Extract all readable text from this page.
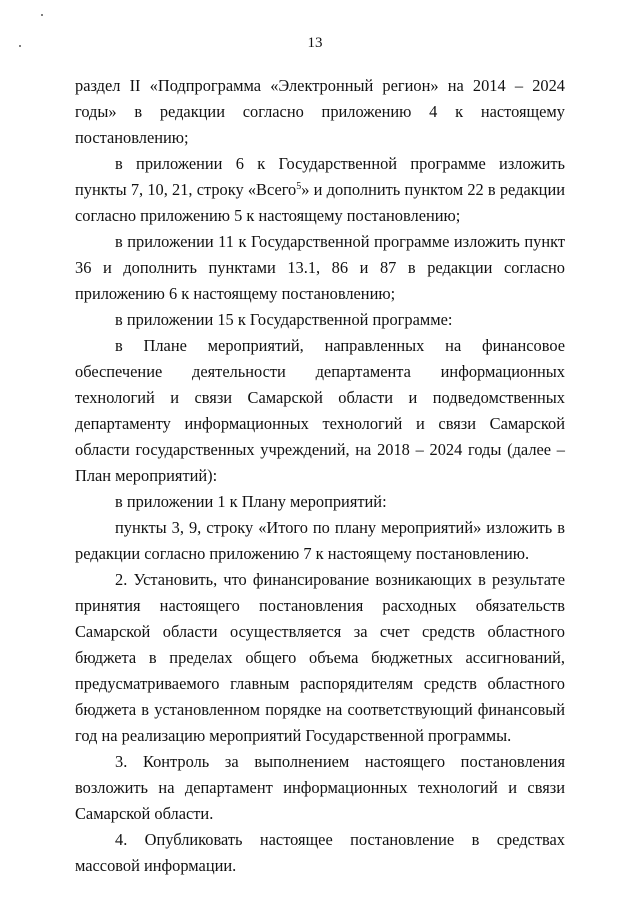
13

раздел II «Подпрограмма «Электронный регион» на 2014 – 2024 годы» в редакции согласно приложению 4 к настоящему постановлению;

в приложении 6 к Государственной программе изложить пункты 7, 10, 21, строку «Всего$^5$» и дополнить пунктом 22 в редакции согласно приложению 5 к настоящему постановлению;

в приложении 11 к Государственной программе изложить пункт 36 и дополнить пунктами 13.1, 86 и 87 в редакции согласно приложению 6 к настоящему постановлению;

в приложении 15 к Государственной программе:

в Плане мероприятий, направленных на финансовое обеспечение деятельности департамента информационных технологий и связи Самарской области и подведомственных департаменту информационных технологий и связи Самарской области государственных учреждений, на 2018 – 2024 годы (далее – План мероприятий):

в приложении 1 к Плану мероприятий:

пункты 3, 9, строку «Итого по плану мероприятий» изложить в редакции согласно приложению 7 к настоящему постановлению.

2. Установить, что финансирование возникающих в результате принятия настоящего постановления расходных обязательств Самарской области осуществляется за счет средств областного бюджета в пределах общего объема бюджетных ассигнований, предусматриваемого главным распорядителям средств областного бюджета в установленном порядке на соответствующий финансовый год на реализацию мероприятий Государственной программы.

3. Контроль за выполнением настоящего постановления возложить на департамент информационных технологий и связи Самарской области.

4. Опубликовать настоящее постановление в средствах массовой информации.
